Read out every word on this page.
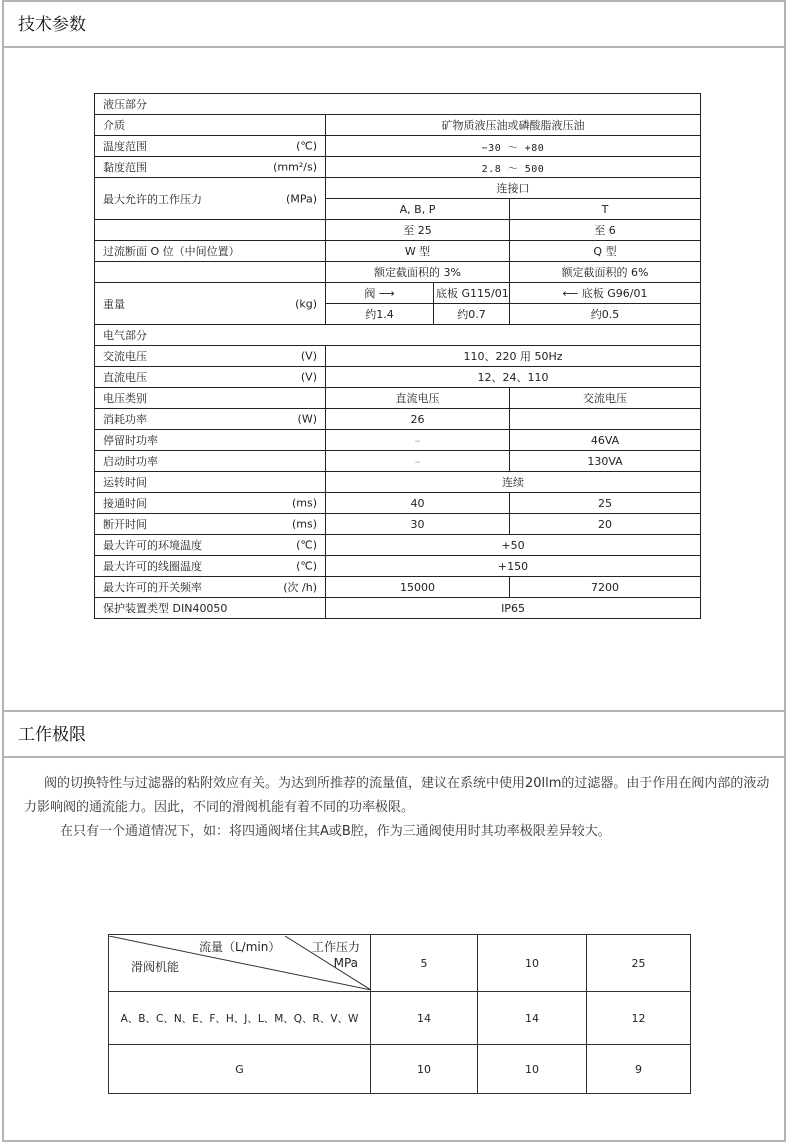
技术参数
液压部分			
介质	矿物质液压油或磷酸脂液压油		
温度范围 (℃)	−30 ～ +80		
黏度范围 (mm²/s)	2.8 ～ 500		
最大允许的工作压力 (MPa)	连接口		
	A, B, P		T
	至 25		至 6
过流断面 O 位（中间位置）	W 型		Q 型
	额定截面积的 3%		额定截面积的 6%
重量 (kg)	阀 ⟶	底板 G115/01	⟵ 底板 G96/01
	约1.4	约0.7	约0.5
电气部分			
交流电压 (V)	110、220 用 50Hz		
直流电压 (V)	12、24、110		
电压类别	直流电压		交流电压
消耗功率 (W)	26		
停留时功率	–		46VA
启动时功率	–		130VA
运转时间	连续		
接通时间 (ms)	40		25
断开时间 (ms)	30		20
最大许可的环境温度 (℃)	+50		
最大许可的线圈温度 (℃)	+150		
最大许可的开关频率 (次 /h)	15000		7200
保护装置类型 DIN40050	IP65		
工作极限

阀的切换特性与过滤器的粘附效应有关。为达到所推荐的流量值，建议在系统中使用20llm的过滤器。由于作用在阀内部的液动力影响阀的通流能力。因此，不同的滑阀机能有着不同的功率极限。

在只有一个通道情况下，如：将四通阀堵住其A或B腔，作为三通阀使用时其功率极限差异较大。

流量（L/min） 工作压力
MPa
滑阀机能	5	10	25
A、B、C、N、E、F、H、J、L、M、Q、R、V、W	14	14	12
G	10	10	9
